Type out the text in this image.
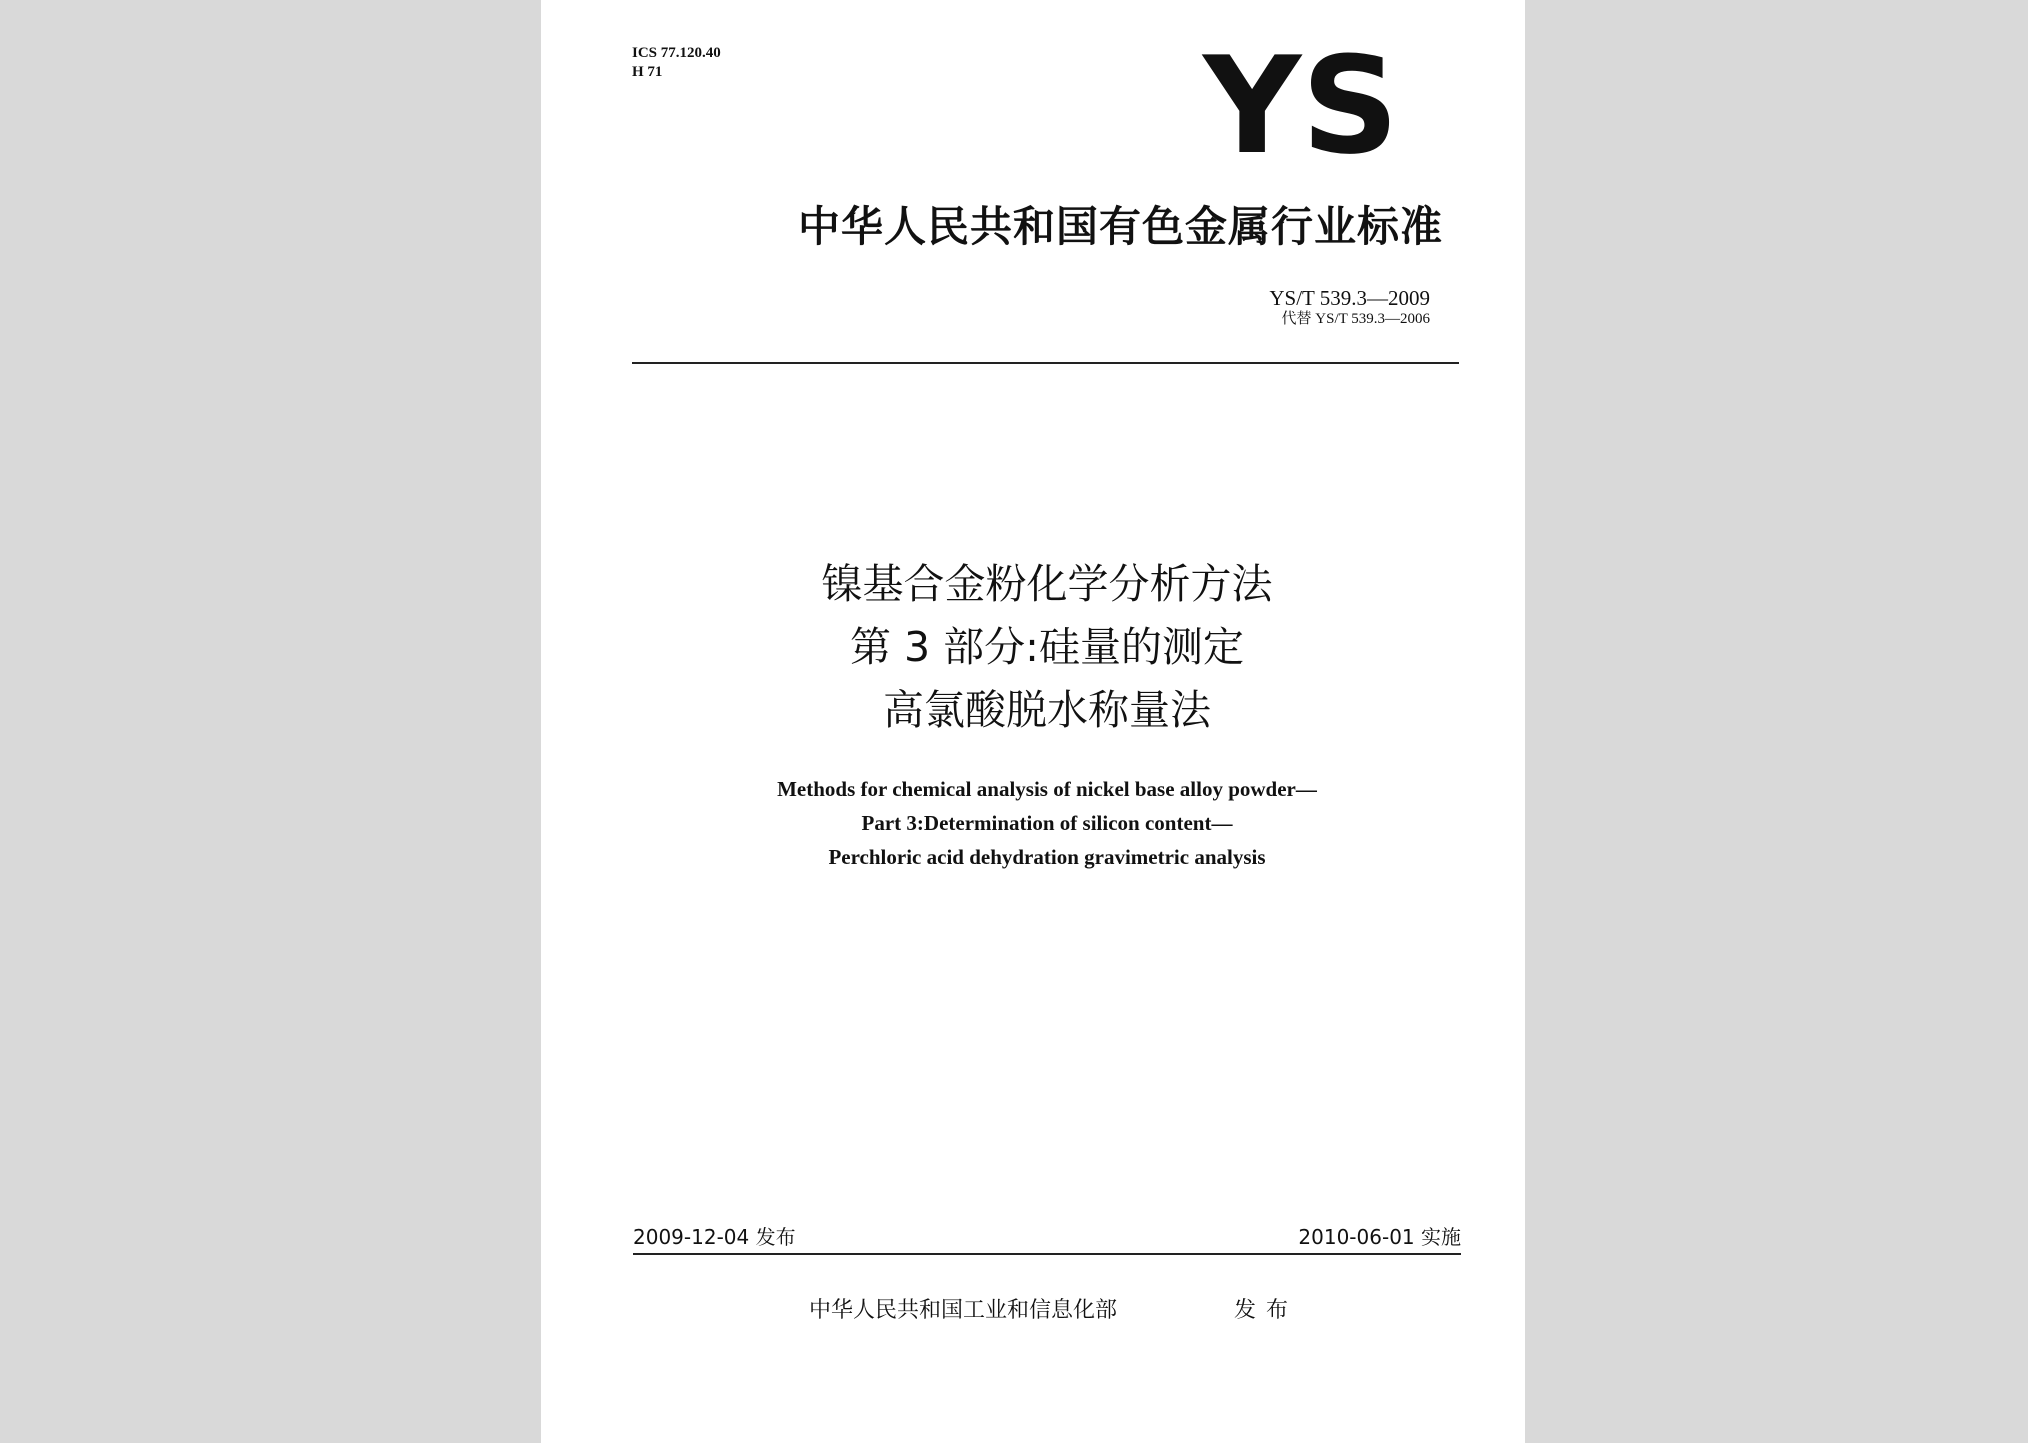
ICS 77.120.40
H 71	YS
中华人民共和国有色金属行业标准
YS/T 539.3—2009
代替 YS/T 539.3—2006
镍基合金粉化学分析方法
第 3 部分:硅量的测定
高氯酸脱水称量法
Methods for chemical analysis of nickel base alloy powder—
Part 3:Determination of silicon content—
Perchloric acid dehydration gravimetric analysis
2009-12-04 发布	2010-06-01 实施
中华人民共和国工业和信息化部	发布
